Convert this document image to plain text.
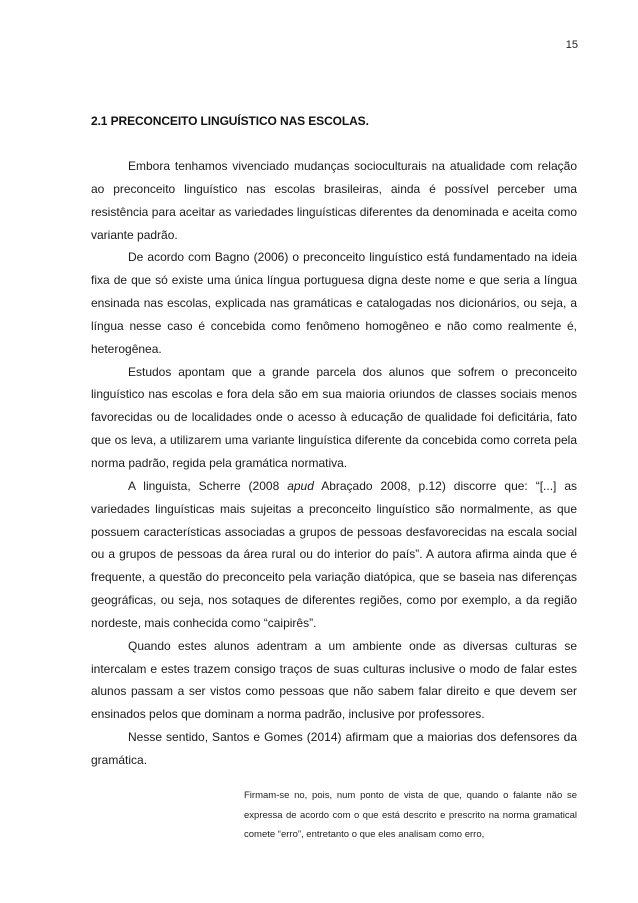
15
2.1 PRECONCEITO LINGUÍSTICO NAS ESCOLAS.

Embora tenhamos vivenciado mudanças socioculturais na atualidade com relação ao preconceito linguístico nas escolas brasileiras, ainda é possível perceber uma resistência para aceitar as variedades linguísticas diferentes da denominada e aceita como variante padrão.

De acordo com Bagno (2006) o preconceito linguístico está fundamentado na ideia fixa de que só existe uma única língua portuguesa digna deste nome e que seria a língua ensinada nas escolas, explicada nas gramáticas e catalogadas nos dicionários, ou seja, a língua nesse caso é concebida como fenômeno homogêneo e não como realmente é, heterogênea.

Estudos apontam que a grande parcela dos alunos que sofrem o preconceito linguístico nas escolas e fora dela são em sua maioria oriundos de classes sociais menos favorecidas ou de localidades onde o acesso à educação de qualidade foi deficitária, fato que os leva, a utilizarem uma variante linguística diferente da concebida como correta pela norma padrão, regida pela gramática normativa.

A linguista, Scherre (2008 apud Abraçado 2008, p.12) discorre que: “[...] as variedades linguísticas mais sujeitas a preconceito linguístico são normalmente, as que possuem características associadas a grupos de pessoas desfavorecidas na escala social ou a grupos de pessoas da área rural ou do interior do país”. A autora afirma ainda que é frequente, a questão do preconceito pela variação diatópica, que se baseia nas diferenças geográficas, ou seja, nos sotaques de diferentes regiões, como por exemplo, a da região nordeste, mais conhecida como “caipirês”.

Quando estes alunos adentram a um ambiente onde as diversas culturas se intercalam e estes trazem consigo traços de suas culturas inclusive o modo de falar estes alunos passam a ser vistos como pessoas que não sabem falar direito e que devem ser ensinados pelos que dominam a norma padrão, inclusive por professores.

Nesse sentido, Santos e Gomes (2014) afirmam que a maiorias dos defensores da gramática.

Firmam-se no, pois, num ponto de vista de que, quando o falante não se expressa de acordo com o que está descrito e prescrito na norma gramatical comete “erro”, entretanto o que eles analisam como erro,
